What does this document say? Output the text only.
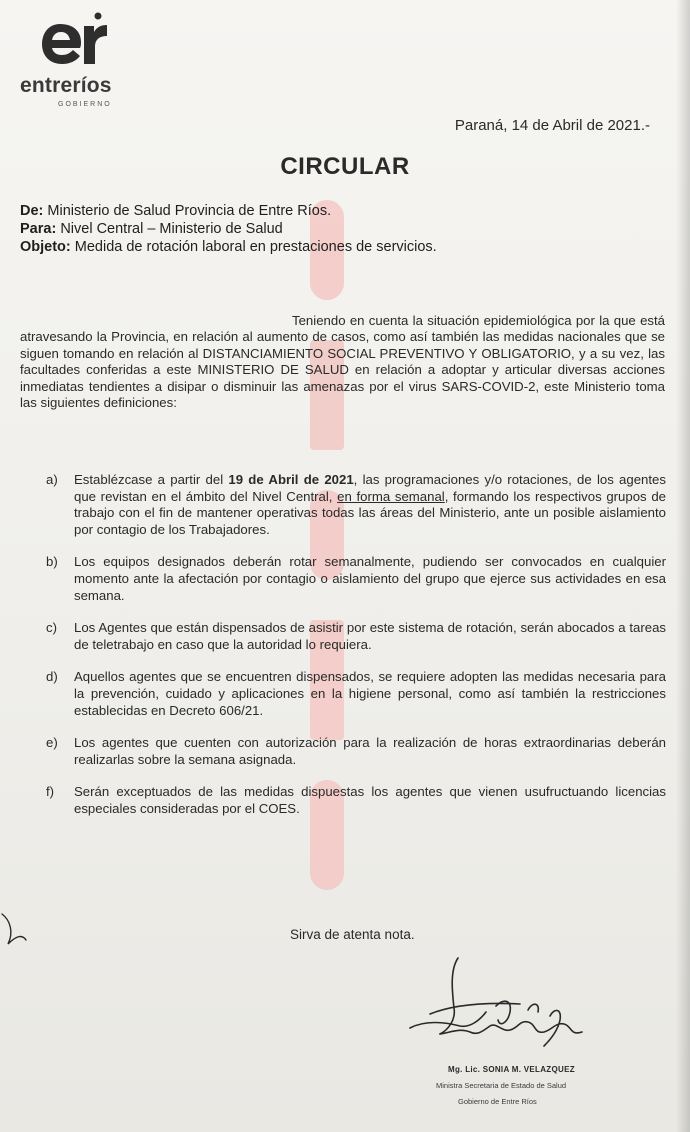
entreríos
GOBIERNO
Paraná, 14 de Abril de 2021.-
CIRCULAR
De: Ministerio de Salud Provincia de Entre Ríos.
Para: Nivel Central – Ministerio de Salud
Objeto: Medida de rotación laboral en prestaciones de servicios.
Teniendo en cuenta la situación epidemiológica por la que está atravesando la Provincia, en relación al aumento de casos, como así también las medidas nacionales que se siguen tomando en relación al DISTANCIAMIENTO SOCIAL PREVENTIVO Y OBLIGATORIO, y a su vez, las facultades conferidas a este MINISTERIO DE SALUD en relación a adoptar y articular diversas acciones inmediatas tendientes a disipar o disminuir las amenazas por el virus SARS-COVID-2, este Ministerio toma las siguientes definiciones:
a) Establézcase a partir del 19 de Abril de 2021, las programaciones y/o rotaciones, de los agentes que revistan en el ámbito del Nivel Central, en forma semanal, formando los respectivos grupos de trabajo con el fin de mantener operativas todas las áreas del Ministerio, ante un posible aislamiento por contagio de los Trabajadores.
b) Los equipos designados deberán rotar semanalmente, pudiendo ser convocados en cualquier momento ante la afectación por contagio o aislamiento del grupo que ejerce sus actividades en esa semana.
c) Los Agentes que están dispensados de asistir por este sistema de rotación, serán abocados a tareas de teletrabajo en caso que la autoridad lo requiera.
d) Aquellos agentes que se encuentren dispensados, se requiere adopten las medidas necesaria para la prevención, cuidado y aplicaciones en la higiene personal, como así también la restricciones establecidas en Decreto 606/21.
e) Los agentes que cuenten con autorización para la realización de horas extraordinarias deberán realizarlas sobre la semana asignada.
f) Serán exceptuados de las medidas dispuestas los agentes que vienen usufructuando licencias especiales consideradas por el COES.
Sirva de atenta nota.
Mg. Lic. SONIA M. VELAZQUEZ
Ministra Secretaria de Estado de Salud
Gobierno de Entre Ríos
